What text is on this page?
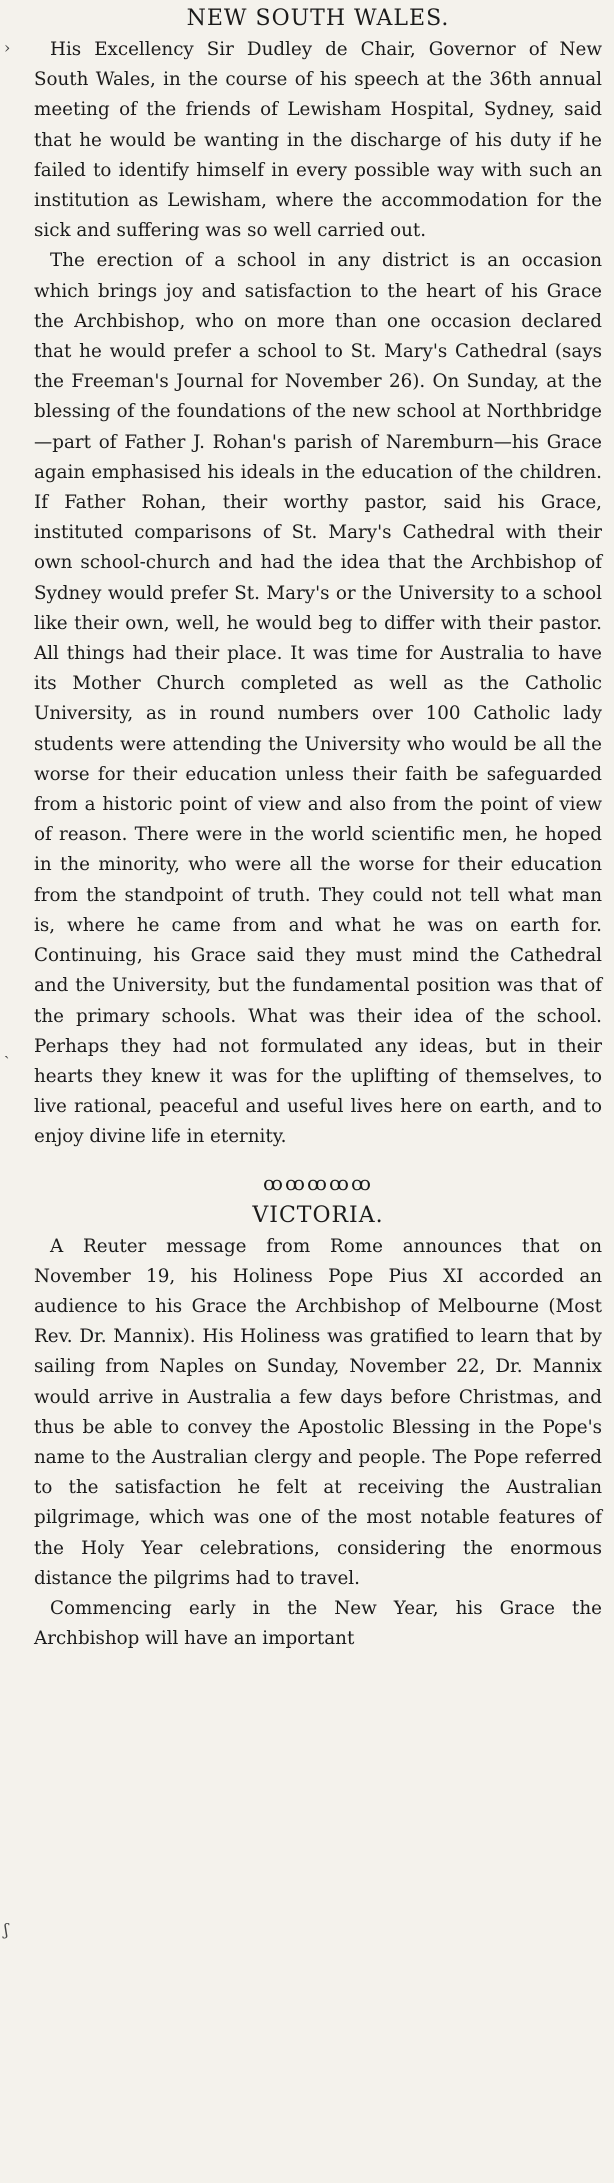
›
ˎ
ʃ
NEW SOUTH WALES.

His Excellency Sir Dudley de Chair, Governor of New South Wales, in the course of his speech at the 36th annual meeting of the friends of Lewisham Hospital, Sydney, said that he would be wanting in the discharge of his duty if he failed to identify himself in every possible way with such an institution as Lewisham, where the accommodation for the sick and suffering was so well carried out.

The erection of a school in any district is an occasion which brings joy and satisfaction to the heart of his Grace the Archbishop, who on more than one occasion declared that he would prefer a school to St. Mary's Cathedral (says the Freeman's Journal for November 26). On Sunday, at the blessing of the foundations of the new school at Northbridge—part of Father J. Rohan's parish of Naremburn—his Grace again emphasised his ideals in the education of the children. If Father Rohan, their worthy pastor, said his Grace, instituted comparisons of St. Mary's Cathedral with their own school-church and had the idea that the Archbishop of Sydney would prefer St. Mary's or the University to a school like their own, well, he would beg to differ with their pastor. All things had their place. It was time for Australia to have its Mother Church completed as well as the Catholic University, as in round numbers over 100 Catholic lady students were attending the University who would be all the worse for their education unless their faith be safeguarded from a historic point of view and also from the point of view of reason. There were in the world scientific men, he hoped in the minority, who were all the worse for their education from the standpoint of truth. They could not tell what man is, where he came from and what he was on earth for. Continuing, his Grace said they must mind the Cathedral and the University, but the fundamental position was that of the primary schools. What was their idea of the school. Perhaps they had not formulated any ideas, but in their hearts they knew it was for the uplifting of themselves, to live rational, peaceful and useful lives here on earth, and to enjoy divine life in eternity.

ꝏꝏꝏꝏꝏ
VICTORIA.

A Reuter message from Rome announces that on November 19, his Holiness Pope Pius XI accorded an audience to his Grace the Archbishop of Melbourne (Most Rev. Dr. Mannix). His Holiness was gratified to learn that by sailing from Naples on Sunday, November 22, Dr. Mannix would arrive in Australia a few days before Christmas, and thus be able to convey the Apostolic Blessing in the Pope's name to the Australian clergy and people. The Pope referred to the satisfaction he felt at receiving the Australian pilgrimage, which was one of the most notable features of the Holy Year celebrations, considering the enormous distance the pilgrims had to travel.

Commencing early in the New Year, his Grace the Archbishop will have an important
